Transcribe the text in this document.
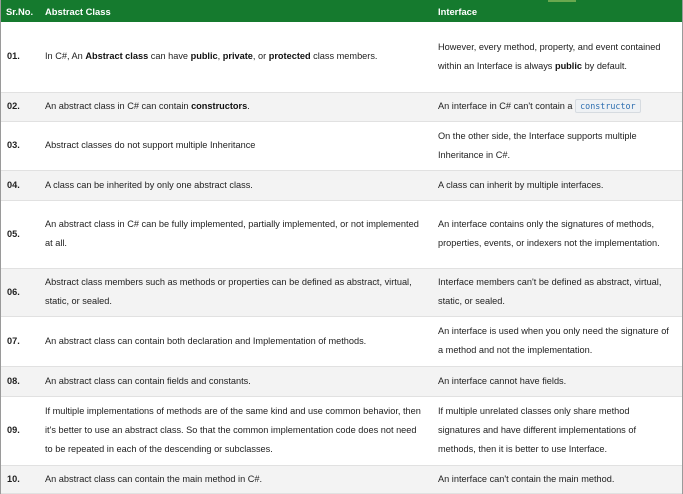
Sr.No.	Abstract Class	Interface
01.	In C#, An Abstract class can have public, private, or protected class members.	However, every method, property, and event contained within an Interface is always public by default.
02.	An abstract class in C# can contain constructors.	An interface in C# can't contain a constructor
03.	Abstract classes do not support multiple Inheritance	On the other side, the Interface supports multiple Inheritance in C#.
04.	A class can be inherited by only one abstract class.	A class can inherit by multiple interfaces.
05.	An abstract class in C# can be fully implemented, partially implemented, or not implemented at all.	An interface contains only the signatures of methods, properties, events, or indexers not the implementation.
06.	Abstract class members such as methods or properties can be defined as abstract, virtual, static, or sealed.	Interface members can't be defined as abstract, virtual, static, or sealed.
07.	An abstract class can contain both declaration and Implementation of methods.	An interface is used when you only need the signature of a method and not the implementation.
08.	An abstract class can contain fields and constants.	An interface cannot have fields.
09.	If multiple implementations of methods are of the same kind and use common behavior, then it's better to use an abstract class. So that the common implementation code does not need to be repeated in each of the descending or subclasses.	If multiple unrelated classes only share method signatures and have different implementations of methods, then it is better to use Interface.
10.	An abstract class can contain the main method in C#.	An interface can't contain the main method.
